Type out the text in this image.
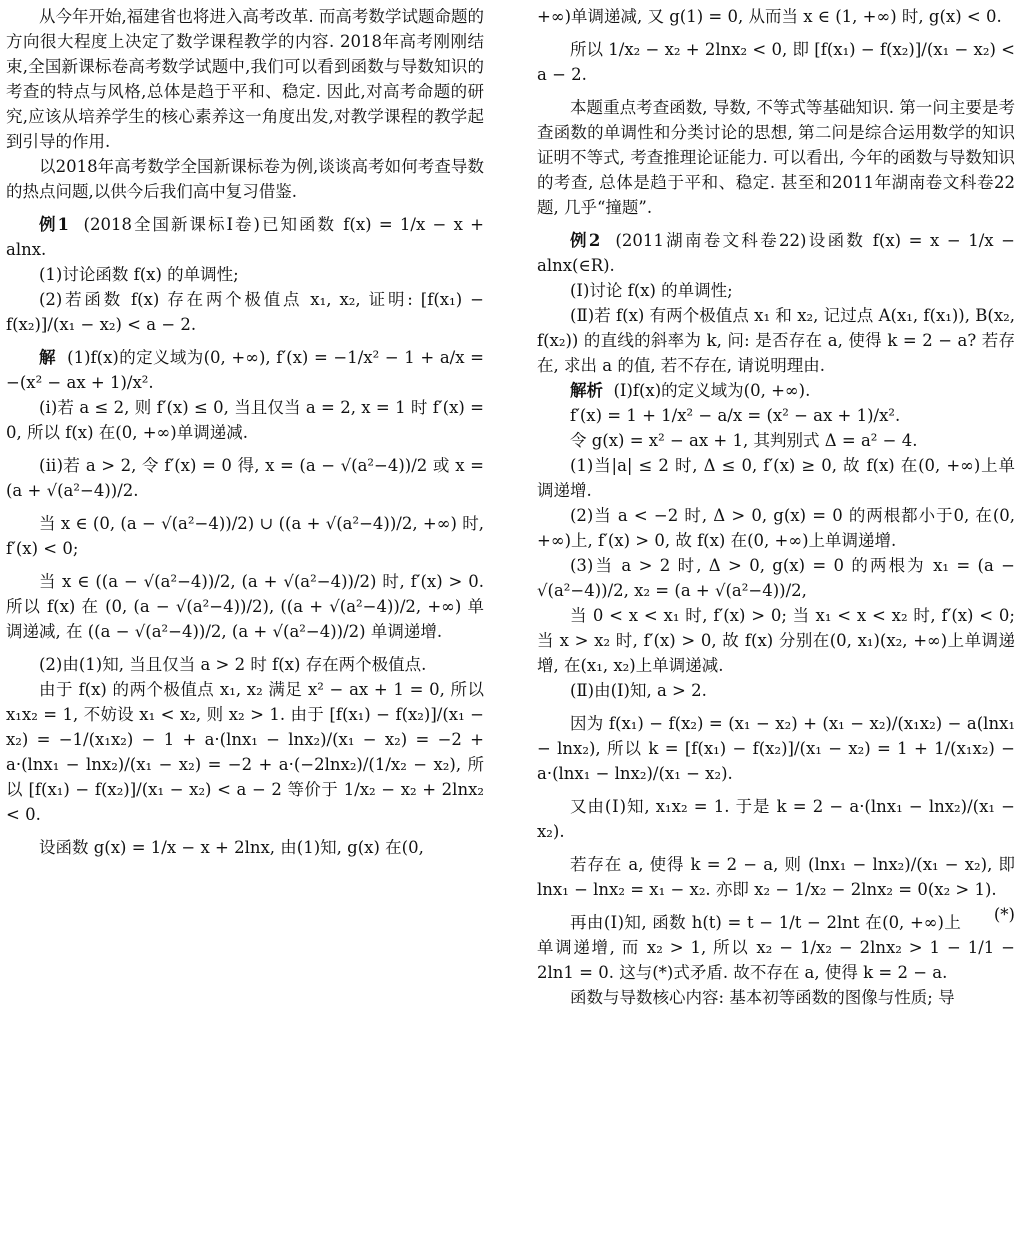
从今年开始,福建省也将进入高考改革. 而高考数学试题命题的方向很大程度上决定了数学课程教学的内容. 2018年高考刚刚结束,全国新课标卷高考数学试题中,我们可以看到函数与导数知识的考查的特点与风格,总体是趋于平和、稳定. 因此,对高考命题的研究,应该从培养学生的核心素养这一角度出发,对教学课程的教学起到引导的作用.

以2018年高考数学全国新课标卷为例,谈谈高考如何考查导数的热点问题,以供今后我们高中复习借鉴.

例1 (2018全国新课标Ⅰ卷)已知函数 f(x) = 1/x − x + alnx.

(1)讨论函数 f(x) 的单调性;

(2)若函数 f(x) 存在两个极值点 x₁, x₂, 证明: [f(x₁) − f(x₂)]/(x₁ − x₂) < a − 2.

解 (1)f(x)的定义域为(0, +∞), f′(x) = −1/x² − 1 + a/x = −(x² − ax + 1)/x².

(ⅰ)若 a ≤ 2, 则 f′(x) ≤ 0, 当且仅当 a = 2, x = 1 时 f′(x) = 0, 所以 f(x) 在(0, +∞)单调递减.

(ⅱ)若 a > 2, 令 f′(x) = 0 得, x = (a − √(a²−4))/2 或 x = (a + √(a²−4))/2.

当 x ∈ (0, (a − √(a²−4))/2) ∪ ((a + √(a²−4))/2, +∞) 时, f′(x) < 0;

当 x ∈ ((a − √(a²−4))/2, (a + √(a²−4))/2) 时, f′(x) > 0. 所以 f(x) 在 (0, (a − √(a²−4))/2), ((a + √(a²−4))/2, +∞) 单调递减, 在 ((a − √(a²−4))/2, (a + √(a²−4))/2) 单调递增.

(2)由(1)知, 当且仅当 a > 2 时 f(x) 存在两个极值点.

由于 f(x) 的两个极值点 x₁, x₂ 满足 x² − ax + 1 = 0, 所以 x₁x₂ = 1, 不妨设 x₁ < x₂, 则 x₂ > 1. 由于 [f(x₁) − f(x₂)]/(x₁ − x₂) = −1/(x₁x₂) − 1 + a·(lnx₁ − lnx₂)/(x₁ − x₂) = −2 + a·(lnx₁ − lnx₂)/(x₁ − x₂) = −2 + a·(−2lnx₂)/(1/x₂ − x₂), 所以 [f(x₁) − f(x₂)]/(x₁ − x₂) < a − 2 等价于 1/x₂ − x₂ + 2lnx₂ < 0.

设函数 g(x) = 1/x − x + 2lnx, 由(1)知, g(x) 在(0,

+∞)单调递减, 又 g(1) = 0, 从而当 x ∈ (1, +∞) 时, g(x) < 0.

所以 1/x₂ − x₂ + 2lnx₂ < 0, 即 [f(x₁) − f(x₂)]/(x₁ − x₂) < a − 2.

本题重点考查函数, 导数, 不等式等基础知识. 第一问主要是考查函数的单调性和分类讨论的思想, 第二问是综合运用数学的知识证明不等式, 考查推理论证能力. 可以看出, 今年的函数与导数知识的考查, 总体是趋于平和、稳定. 甚至和2011年湖南卷文科卷22题, 几乎“撞题”.

例2 (2011湖南卷文科卷22)设函数 f(x) = x − 1/x − alnx(∈R).

(Ⅰ)讨论 f(x) 的单调性;

(Ⅱ)若 f(x) 有两个极值点 x₁ 和 x₂, 记过点 A(x₁, f(x₁)), B(x₂, f(x₂)) 的直线的斜率为 k, 问: 是否存在 a, 使得 k = 2 − a? 若存在, 求出 a 的值, 若不存在, 请说明理由.

解析 (Ⅰ)f(x)的定义域为(0, +∞).

f′(x) = 1 + 1/x² − a/x = (x² − ax + 1)/x².

令 g(x) = x² − ax + 1, 其判别式 Δ = a² − 4.

(1)当|a| ≤ 2 时, Δ ≤ 0, f′(x) ≥ 0, 故 f(x) 在(0, +∞)上单调递增.

(2)当 a < −2 时, Δ > 0, g(x) = 0 的两根都小于0, 在(0, +∞)上, f′(x) > 0, 故 f(x) 在(0, +∞)上单调递增.

(3)当 a > 2 时, Δ > 0, g(x) = 0 的两根为 x₁ = (a − √(a²−4))/2, x₂ = (a + √(a²−4))/2,

当 0 < x < x₁ 时, f′(x) > 0; 当 x₁ < x < x₂ 时, f′(x) < 0; 当 x > x₂ 时, f′(x) > 0, 故 f(x) 分别在(0, x₁)(x₂, +∞)上单调递增, 在(x₁, x₂)上单调递减.

(Ⅱ)由(Ⅰ)知, a > 2.

因为 f(x₁) − f(x₂) = (x₁ − x₂) + (x₁ − x₂)/(x₁x₂) − a(lnx₁ − lnx₂), 所以 k = [f(x₁) − f(x₂)]/(x₁ − x₂) = 1 + 1/(x₁x₂) − a·(lnx₁ − lnx₂)/(x₁ − x₂).

又由(Ⅰ)知, x₁x₂ = 1. 于是 k = 2 − a·(lnx₁ − lnx₂)/(x₁ − x₂).

若存在 a, 使得 k = 2 − a, 则 (lnx₁ − lnx₂)/(x₁ − x₂), 即 lnx₁ − lnx₂ = x₁ − x₂. 亦即 x₂ − 1/x₂ − 2lnx₂ = 0(x₂ > 1).
(*)

再由(Ⅰ)知, 函数 h(t) = t − 1/t − 2lnt 在(0, +∞)上单调递增, 而 x₂ > 1, 所以 x₂ − 1/x₂ − 2lnx₂ > 1 − 1/1 − 2ln1 = 0. 这与(*)式矛盾. 故不存在 a, 使得 k = 2 − a.

函数与导数核心内容: 基本初等函数的图像与性质; 导
